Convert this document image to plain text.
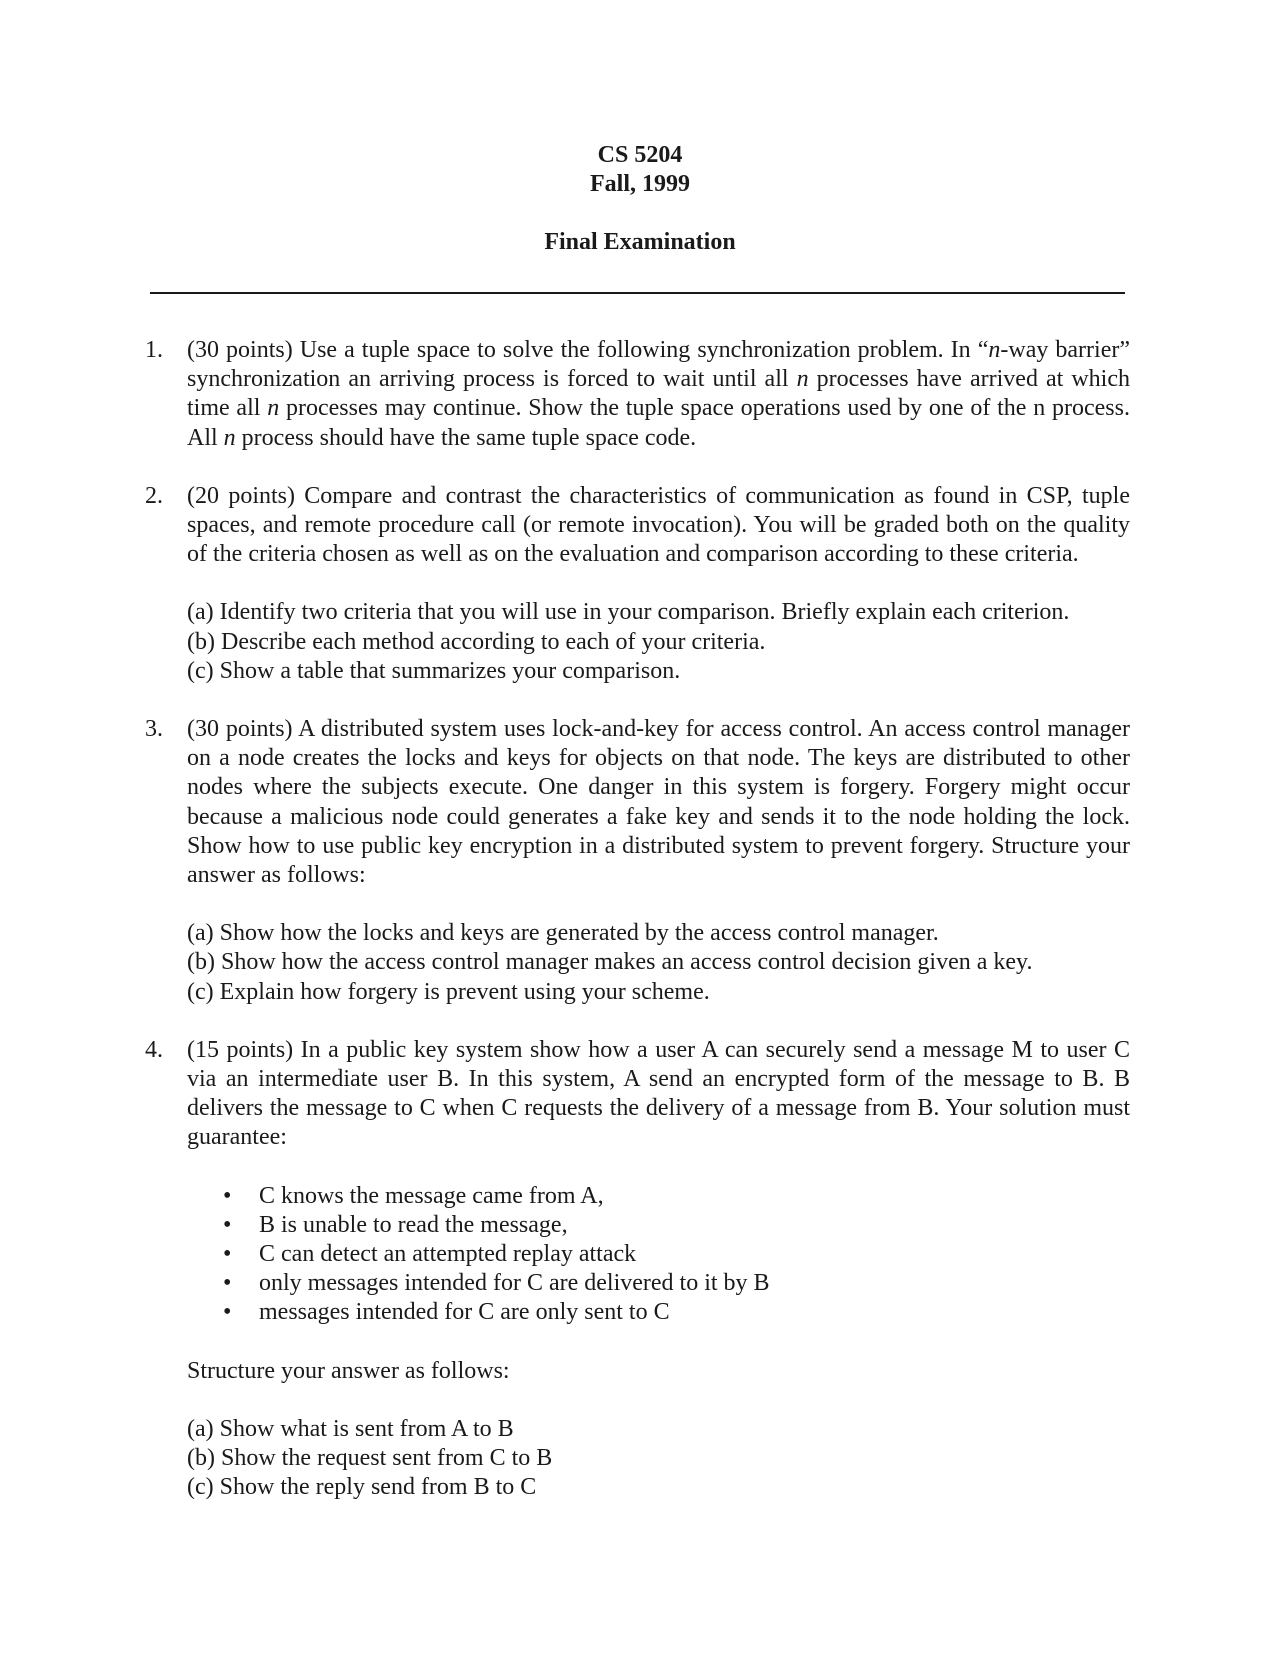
CS 5204
Fall, 1999
Final Examination
1.	(30 points) Use a tuple space to solve the following synchronization problem. In “n-way barrier” synchronization an arriving process is forced to wait until all n processes have arrived at which time all n processes may continue. Show the tuple space operations used by one of the n process. All n process should have the same tuple space code.

2.	(20 points) Compare and contrast the characteristics of communication as found in CSP, tuple spaces, and remote procedure call (or remote invocation). You will be graded both on the quality of the criteria chosen as well as on the evaluation and comparison according to these criteria.

(a) Identify two criteria that you will use in your comparison. Briefly explain each criterion.
(b) Describe each method according to each of your criteria.
(c) Show a table that summarizes your comparison.
3.	(30 points) A distributed system uses lock-and-key for access control. An access control manager on a node creates the locks and keys for objects on that node. The keys are distributed to other nodes where the subjects execute. One danger in this system is forgery. Forgery might occur because a malicious node could generates a fake key and sends it to the node holding the lock. Show how to use public key encryption in a distributed system to prevent forgery. Structure your answer as follows:

(a) Show how the locks and keys are generated by the access control manager.
(b) Show how the access control manager makes an access control decision given a key.
(c) Explain how forgery is prevent using your scheme.
4.	(15 points) In a public key system show how a user A can securely send a message M to user C via an intermediate user B. In this system, A send an encrypted form of the message to B. B delivers the message to C when C requests the delivery of a message from B. Your solution must guarantee:

•	C knows the message came from A,
•	B is unable to read the message,
•	C can detect an attempted replay attack
•	only messages intended for C are delivered to it by B
•	messages intended for C are only sent to C
Structure your answer as follows:
(a) Show what is sent from A to B
(b) Show the request sent from C to B
(c) Show the reply send from B to C
